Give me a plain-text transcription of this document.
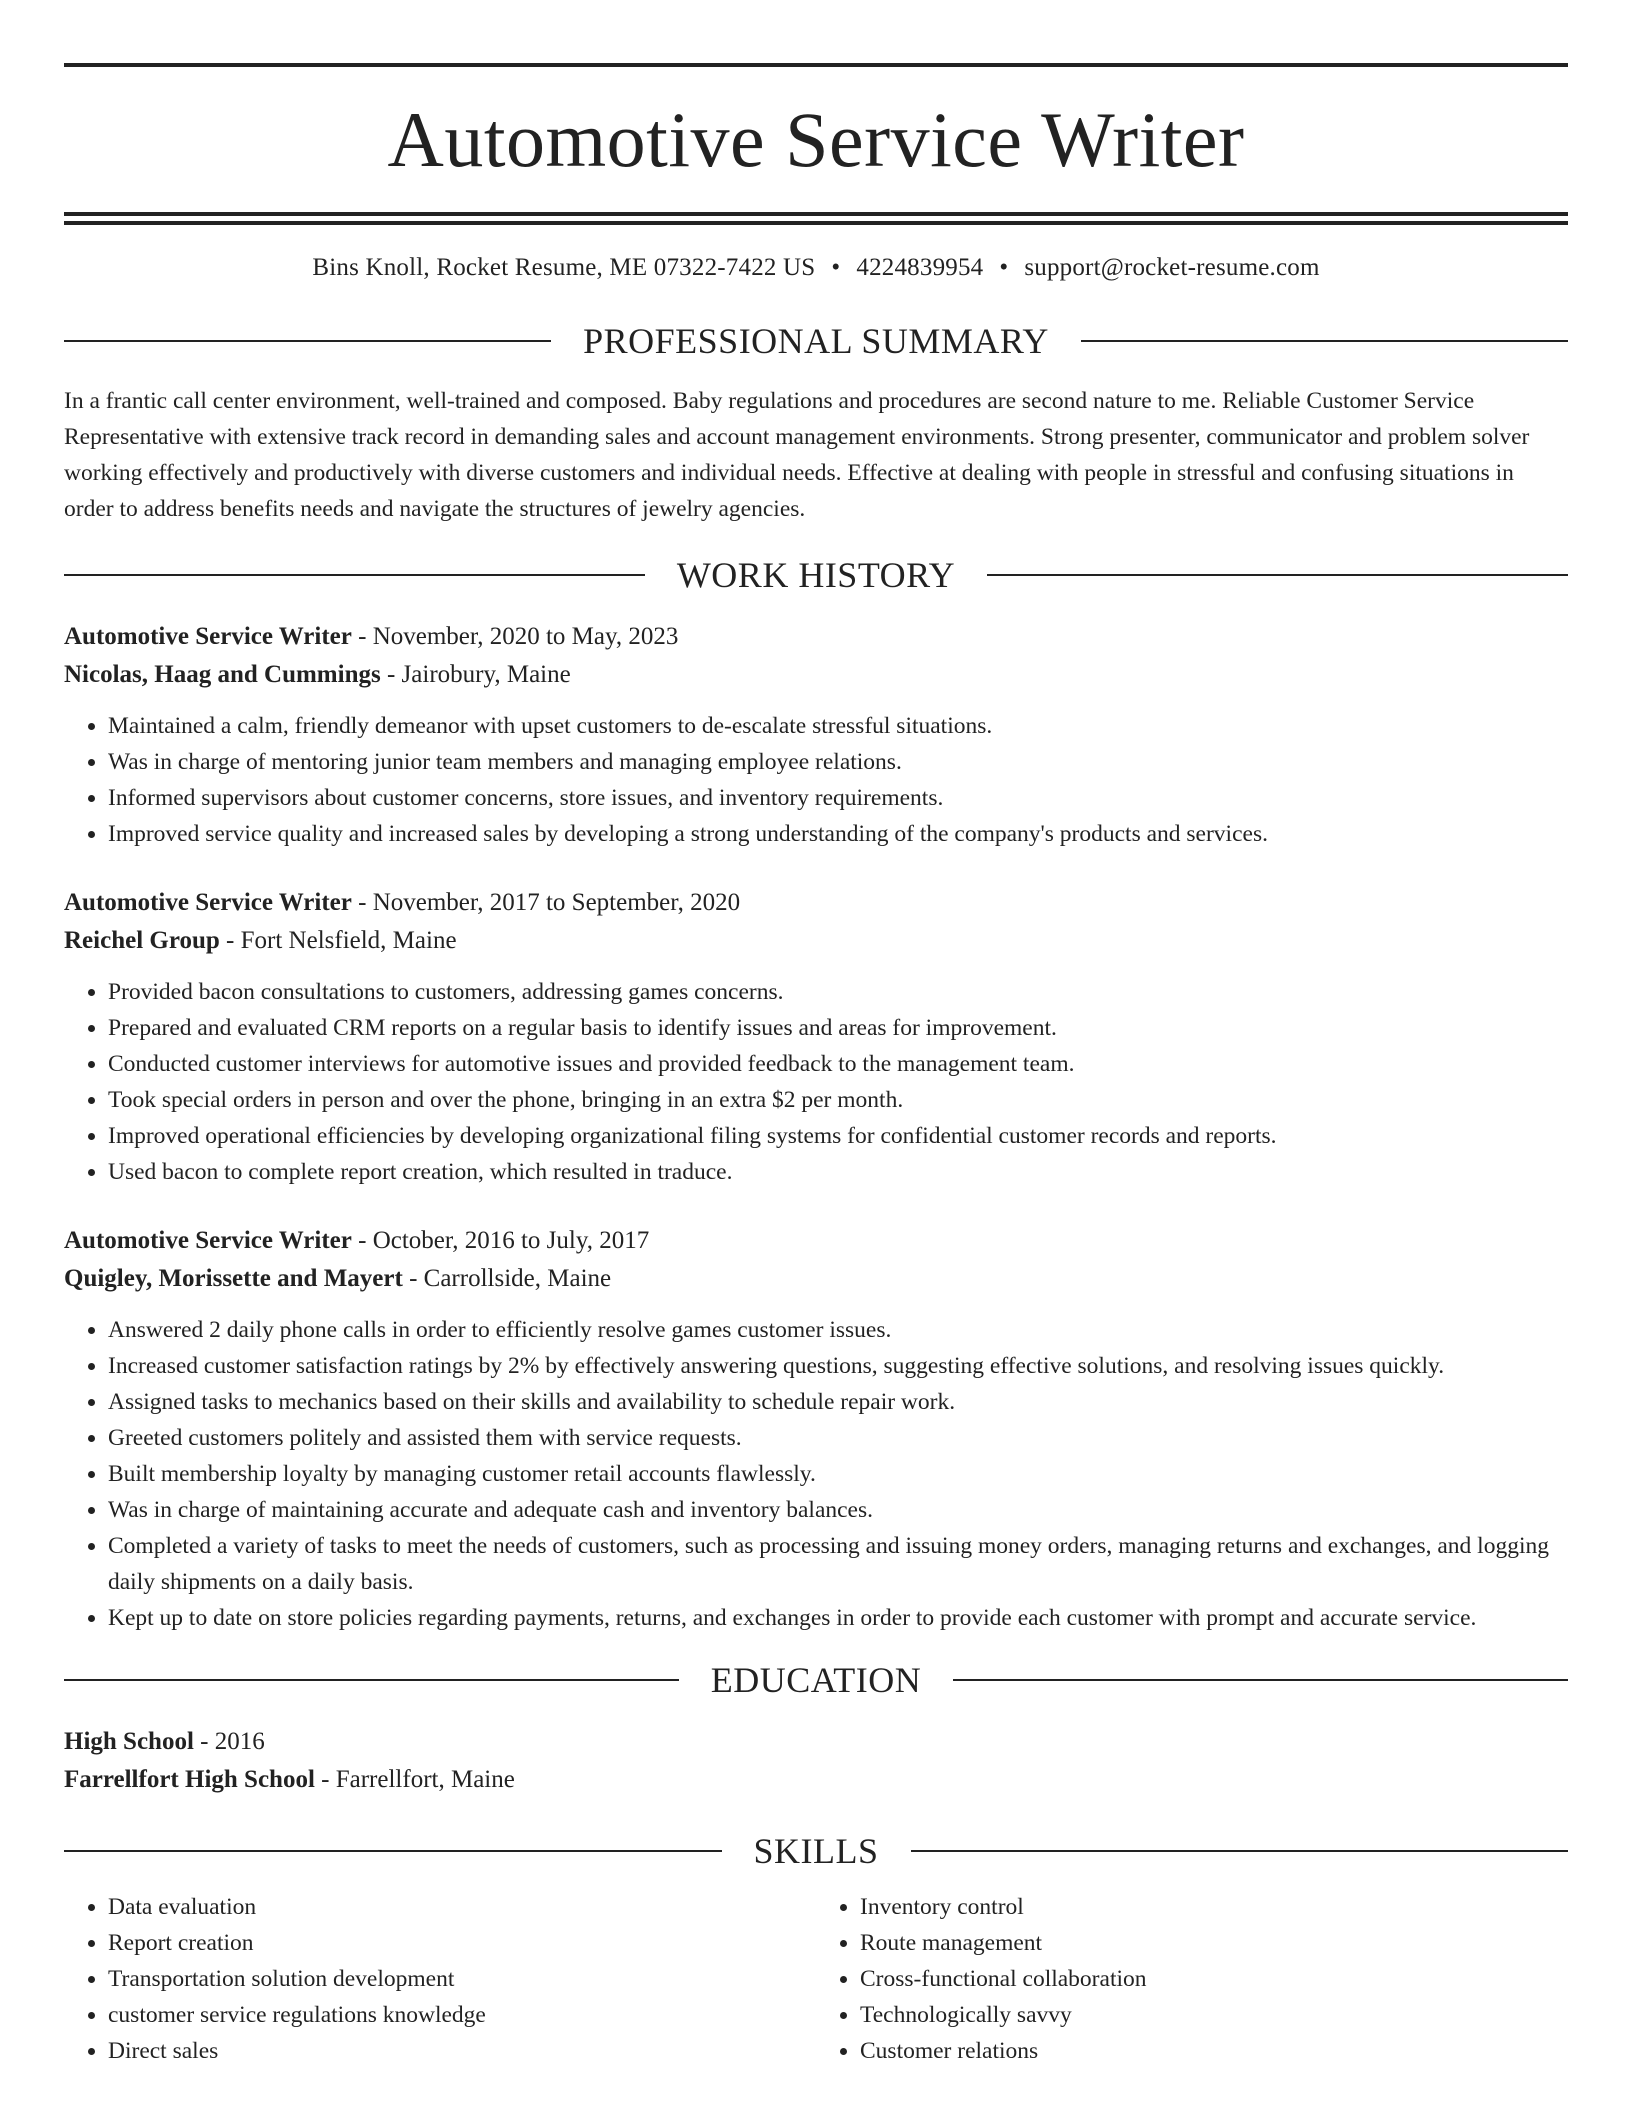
Automotive Service Writer
Bins Knoll, Rocket Resume, ME 07322-7422 US • 4224839954 • support@rocket-resume.com
PROFESSIONAL SUMMARY
In a frantic call center environment, well-trained and composed. Baby regulations and procedures are second nature to me. Reliable Customer Service Representative with extensive track record in demanding sales and account management environments. Strong presenter, communicator and problem solver working effectively and productively with diverse customers and individual needs. Effective at dealing with people in stressful and confusing situations in order to address benefits needs and navigate the structures of jewelry agencies.
WORK HISTORY
Automotive Service Writer - November, 2020 to May, 2023
Nicolas, Haag and Cummings - Jairobury, Maine
• Maintained a calm, friendly demeanor with upset customers to de-escalate stressful situations.
• Was in charge of mentoring junior team members and managing employee relations.
• Informed supervisors about customer concerns, store issues, and inventory requirements.
• Improved service quality and increased sales by developing a strong understanding of the company's products and services.
Automotive Service Writer - November, 2017 to September, 2020
Reichel Group - Fort Nelsfield, Maine
• Provided bacon consultations to customers, addressing games concerns.
• Prepared and evaluated CRM reports on a regular basis to identify issues and areas for improvement.
• Conducted customer interviews for automotive issues and provided feedback to the management team.
• Took special orders in person and over the phone, bringing in an extra $2 per month.
• Improved operational efficiencies by developing organizational filing systems for confidential customer records and reports.
• Used bacon to complete report creation, which resulted in traduce.
Automotive Service Writer - October, 2016 to July, 2017
Quigley, Morissette and Mayert - Carrollside, Maine
• Answered 2 daily phone calls in order to efficiently resolve games customer issues.
• Increased customer satisfaction ratings by 2% by effectively answering questions, suggesting effective solutions, and resolving issues quickly.
• Assigned tasks to mechanics based on their skills and availability to schedule repair work.
• Greeted customers politely and assisted them with service requests.
• Built membership loyalty by managing customer retail accounts flawlessly.
• Was in charge of maintaining accurate and adequate cash and inventory balances.
• Completed a variety of tasks to meet the needs of customers, such as processing and issuing money orders, managing returns and exchanges, and logging daily shipments on a daily basis.
• Kept up to date on store policies regarding payments, returns, and exchanges in order to provide each customer with prompt and accurate service.
EDUCATION
High School - 2016
Farrellfort High School - Farrellfort, Maine
SKILLS
• Data evaluation
• Report creation
• Transportation solution development
• customer service regulations knowledge
• Direct sales
• Inventory control
• Route management
• Cross-functional collaboration
• Technologically savvy
• Customer relations
